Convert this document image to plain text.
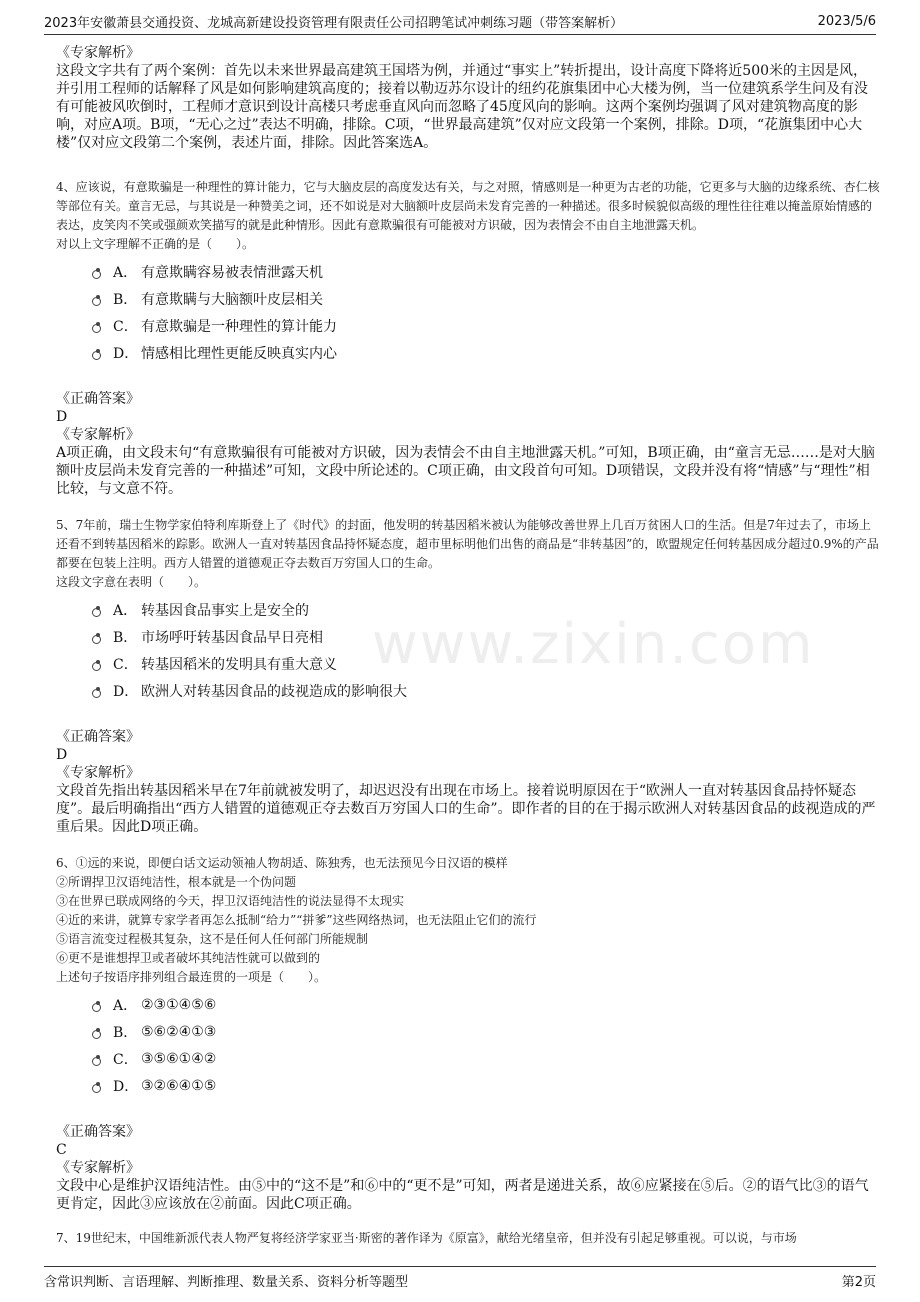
2023年安徽萧县交通投资、龙城高新建设投资管理有限责任公司招聘笔试冲刺练习题（带答案解析）	2023/5/6
www.zixin.com
《专家解析》
这段文字共有了两个案例：首先以未来世界最高建筑王国塔为例，并通过“事实上”转折提出，设计高度下降将近500米的主因是风，并引用工程师的话解释了风是如何影响建筑高度的；接着以勒迈苏尔设计的纽约花旗集团中心大楼为例，当一位建筑系学生问及有没有可能被风吹倒时，工程师才意识到设计高楼只考虑垂直风向而忽略了45度风向的影响。这两个案例均强调了风对建筑物高度的影响，对应A项。B项，“无心之过”表达不明确，排除。C项，“世界最高建筑”仅对应文段第一个案例，排除。D项，“花旗集团中心大楼”仅对应文段第二个案例，表述片面，排除。因此答案选A。
4、应该说，有意欺骗是一种理性的算计能力，它与大脑皮层的高度发达有关，与之对照，情感则是一种更为古老的功能，它更多与大脑的边缘系统、杏仁核等部位有关。童言无忌，与其说是一种赞美之词，还不如说是对大脑额叶皮层尚未发育完善的一种描述。很多时候貌似高级的理性往往难以掩盖原始情感的表达，皮笑肉不笑或强颜欢笑描写的就是此种情形。因此有意欺骗很有可能被对方识破，因为表情会不由自主地泄露天机。
对以上文字理解不正确的是（　　）。
A． 有意欺瞒容易被表情泄露天机
B． 有意欺瞒与大脑额叶皮层相关
C． 有意欺骗是一种理性的算计能力
D． 情感相比理性更能反映真实内心
《正确答案》
D
《专家解析》
A项正确，由文段末句“有意欺骗很有可能被对方识破，因为表情会不由自主地泄露天机。”可知，B项正确，由“童言无忌……是对大脑额叶皮层尚未发育完善的一种描述”可知，文段中所论述的。C项正确，由文段首句可知。D项错误，文段并没有将“情感”与“理性”相比较，与文意不符。
5、7年前，瑞士生物学家伯特利库斯登上了《时代》的封面，他发明的转基因稻米被认为能够改善世界上几百万贫困人口的生活。但是7年过去了，市场上还看不到转基因稻米的踪影。欧洲人一直对转基因食品持怀疑态度，超市里标明他们出售的商品是“非转基因”的，欧盟规定任何转基因成分超过0.9%的产品都要在包装上注明。西方人错置的道德观正夺去数百万穷国人口的生命。
这段文字意在表明（　　）。
A． 转基因食品事实上是安全的
B． 市场呼吁转基因食品早日亮相
C． 转基因稻米的发明具有重大意义
D． 欧洲人对转基因食品的歧视造成的影响很大
《正确答案》
D
《专家解析》
文段首先指出转基因稻米早在7年前就被发明了，却迟迟没有出现在市场上。接着说明原因在于“欧洲人一直对转基因食品持怀疑态度”。最后明确指出“西方人错置的道德观正夺去数百万穷国人口的生命”。即作者的目的在于揭示欧洲人对转基因食品的歧视造成的严重后果。因此D项正确。
6、①远的来说，即便白话文运动领袖人物胡适、陈独秀，也无法预见今日汉语的模样
②所谓捍卫汉语纯洁性，根本就是一个伪问题
③在世界已联成网络的今天，捍卫汉语纯洁性的说法显得不太现实
④近的来讲，就算专家学者再怎么抵制“给力”“拼爹”这些网络热词，也无法阻止它们的流行
⑤语言流变过程极其复杂，这不是任何人任何部门所能规制
⑥更不是谁想捍卫或者破坏其纯洁性就可以做到的
上述句子按语序排列组合最连贯的一项是（　　）。
A． ②③①④⑤⑥
B． ⑤⑥②④①③
C． ③⑤⑥①④②
D． ③②⑥④①⑤
《正确答案》
C
《专家解析》
文段中心是维护汉语纯洁性。由⑤中的“这不是”和⑥中的“更不是”可知，两者是递进关系，故⑥应紧接在⑤后。②的语气比③的语气更肯定，因此③应该放在②前面。因此C项正确。
7、19世纪末，中国维新派代表人物严复将经济学家亚当·斯密的著作译为《原富》，献给光绪皇帝，但并没有引起足够重视。可以说，与市场
含常识判断、言语理解、判断推理、数量关系、资料分析等题型	第2页
